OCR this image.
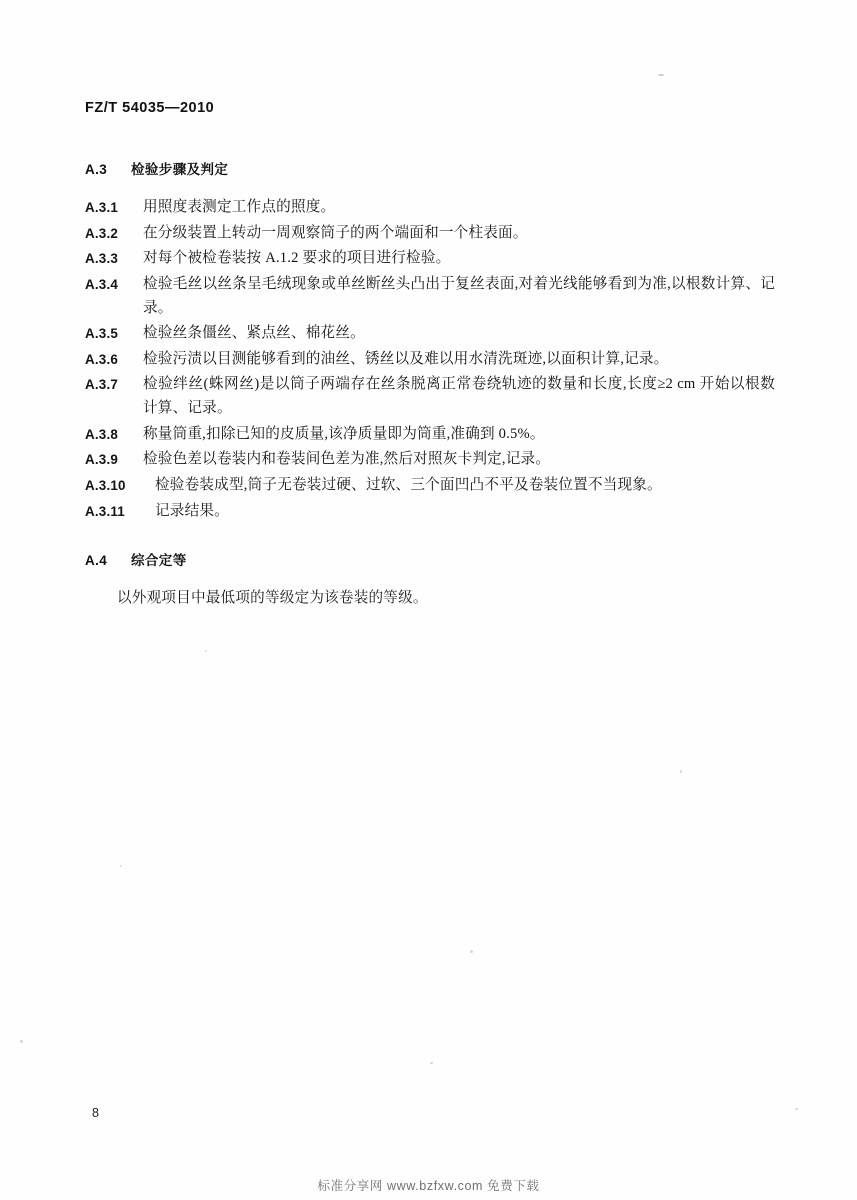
FZ/T 54035—2010
A.3 检验步骤及判定
A.3.1	用照度表测定工作点的照度。
A.3.2	在分级装置上转动一周观察筒子的两个端面和一个柱表面。
A.3.3	对每个被检卷装按 A.1.2 要求的项目进行检验。
A.3.4	检验毛丝以丝条呈毛绒现象或单丝断丝头凸出于复丝表面,对着光线能够看到为准,以根数计算、记录。
A.3.5	检验丝条僵丝、紧点丝、棉花丝。
A.3.6	检验污渍以目测能够看到的油丝、锈丝以及难以用水清洗斑迹,以面积计算,记录。
A.3.7	检验绊丝(蛛网丝)是以筒子两端存在丝条脱离正常卷绕轨迹的数量和长度,长度≥2 cm 开始以根数计算、记录。
A.3.8	称量筒重,扣除已知的皮质量,该净质量即为筒重,准确到 0.5%。
A.3.9	检验色差以卷装内和卷装间色差为准,然后对照灰卡判定,记录。
A.3.10	检验卷装成型,筒子无卷装过硬、过软、三个面凹凸不平及卷装位置不当现象。
A.3.11	记录结果。
A.4 综合定等
以外观项目中最低项的等级定为该卷装的等级。
8
标准分享网 www.bzfxw.com 免费下载
